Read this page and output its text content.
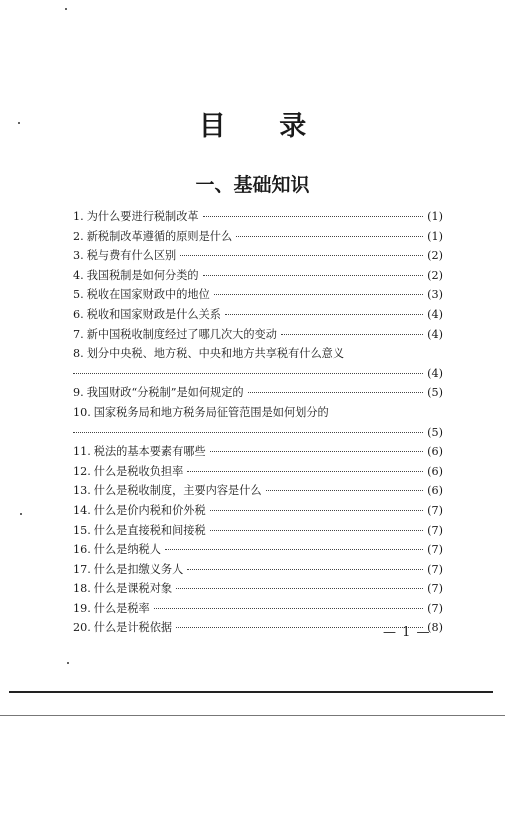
目 录
一、基础知识
1. 为什么要进行税制改革	(1)
2. 新税制改革遵循的原则是什么	(1)
3. 税与费有什么区别	(2)
4. 我国税制是如何分类的	(2)
5. 税收在国家财政中的地位	(3)
6. 税收和国家财政是什么关系	(4)
7. 新中国税收制度经过了哪几次大的变动	(4)
8. 划分中央税、地方税、中央和地方共享税有什么意义
(4)
9. 我国财政“分税制”是如何规定的	(5)
10. 国家税务局和地方税务局征管范围是如何划分的
(5)
11. 税法的基本要素有哪些	(6)
12. 什么是税收负担率	(6)
13. 什么是税收制度，主要内容是什么	(6)
14. 什么是价内税和价外税	(7)
15. 什么是直接税和间接税	(7)
16. 什么是纳税人	(7)
17. 什么是扣缴义务人	(7)
18. 什么是课税对象	(7)
19. 什么是税率	(7)
20. 什么是计税依据	(8)
— 1 —
